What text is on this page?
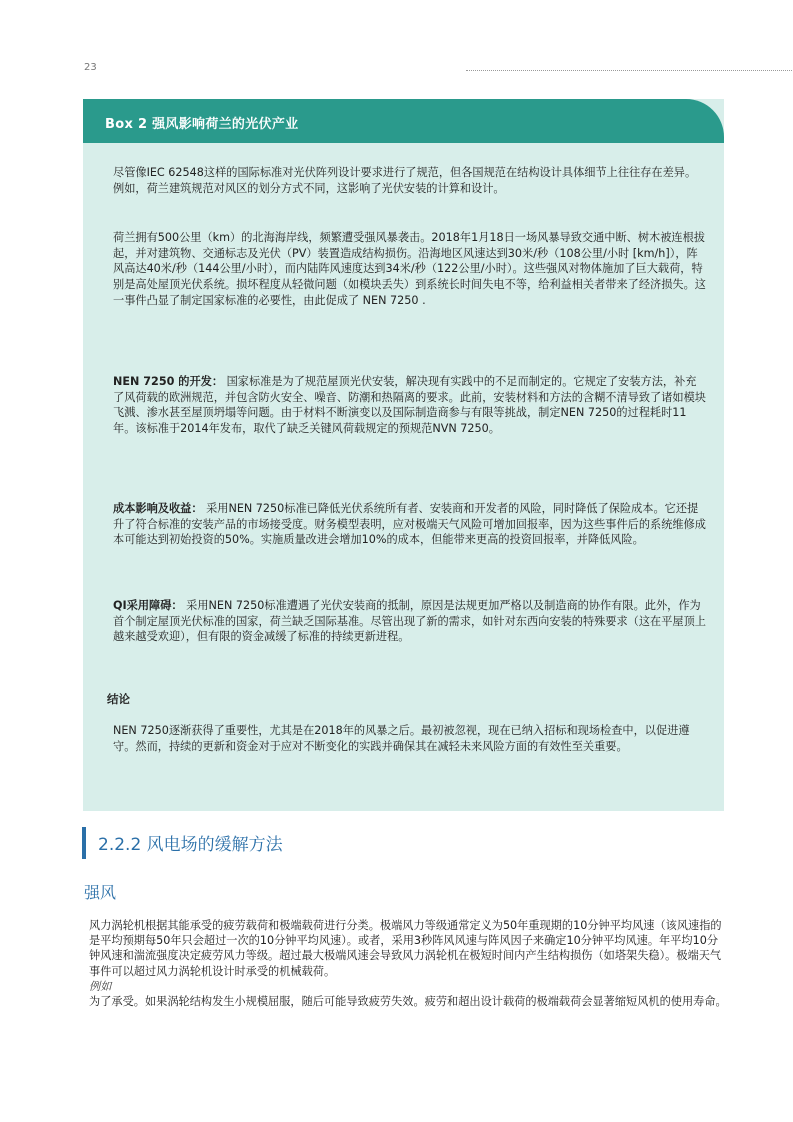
23
Box 2 强风影响荷兰的光伏产业

尽管像IEC 62548这样的国际标准对光伏阵列设计要求进行了规范，但各国规范在结构设计具体细节上往往存在差异。例如，荷兰建筑规范对风区的划分方式不同，这影响了光伏安装的计算和设计。

荷兰拥有500公里（km）的北海海岸线，频繁遭受强风暴袭击。2018年1月18日一场风暴导致交通中断、树木被连根拔起，并对建筑物、交通标志及光伏（PV）装置造成结构损伤。沿海地区风速达到30米/秒（108公里/小时 [km/h]），阵风高达40米/秒（144公里/小时），而内陆阵风速度达到34米/秒（122公里/小时）。这些强风对物体施加了巨大载荷，特别是高处屋顶光伏系统。损坏程度从轻微问题（如模块丢失）到系统长时间失电不等，给利益相关者带来了经济损失。这一事件凸显了制定国家标准的必要性，由此促成了 NEN 7250 .

NEN 7250 的开发： 国家标准是为了规范屋顶光伏安装，解决现有实践中的不足而制定的。它规定了安装方法，补充了风荷载的欧洲规范，并包含防火安全、噪音、防潮和热隔离的要求。此前，安装材料和方法的含糊不清导致了诸如模块飞溅、渗水甚至屋顶坍塌等问题。由于材料不断演变以及国际制造商参与有限等挑战，制定NEN 7250的过程耗时11年。该标准于2014年发布，取代了缺乏关键风荷载规定的预规范NVN 7250。

成本影响及收益： 采用NEN 7250标准已降低光伏系统所有者、安装商和开发者的风险，同时降低了保险成本。它还提升了符合标准的安装产品的市场接受度。财务模型表明，应对极端天气风险可增加回报率，因为这些事件后的系统维修成本可能达到初始投资的50%。实施质量改进会增加10%的成本，但能带来更高的投资回报率，并降低风险。

QI采用障碍： 采用NEN 7250标准遭遇了光伏安装商的抵制，原因是法规更加严格以及制造商的协作有限。此外，作为首个制定屋顶光伏标准的国家，荷兰缺乏国际基准。尽管出现了新的需求，如针对东西向安装的特殊要求（这在平屋顶上越来越受欢迎），但有限的资金减缓了标准的持续更新进程。

结论

NEN 7250逐渐获得了重要性，尤其是在2018年的风暴之后。最初被忽视，现在已纳入招标和现场检查中，以促进遵守。然而，持续的更新和资金对于应对不断变化的实践并确保其在减轻未来风险方面的有效性至关重要。

2.2.2 风电场的缓解方法
强风

风力涡轮机根据其能承受的疲劳载荷和极端载荷进行分类。极端风力等级通常定义为50年重现期的10分钟平均风速（该风速指的是平均预期每50年只会超过一次的10分钟平均风速）。或者，采用3秒阵风风速与阵风因子来确定10分钟平均风速。年平均10分钟风速和湍流强度决定疲劳风力等级。超过最大极端风速会导致风力涡轮机在极短时间内产生结构损伤（如塔架失稳）。极端天气事件可以超过风力涡轮机设计时承受的机械载荷。
例如
为了承受。如果涡轮结构发生小规模屈服，随后可能导致疲劳失效。疲劳和超出设计载荷的极端载荷会显著缩短风机的使用寿命。
